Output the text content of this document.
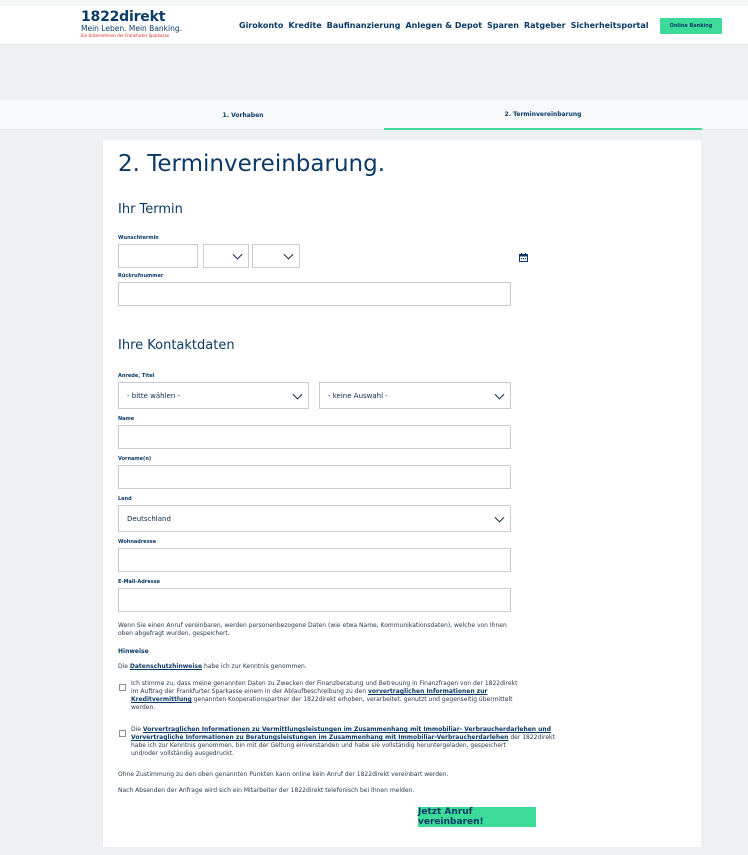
1822direkt
Mein Leben. Mein Banking.
Ein Unternehmen der Frankfurter Sparkasse
Girokonto Kredite Baufinanzierung Anlegen & Depot Sparen Ratgeber Sicherheitsportal	Online Banking
1. Vorhaben	2. Terminvereinbarung
2. Terminvereinbarung.
Ihr Termin
Wunschtermin
Rückrufnummer
Ihre Kontaktdaten
Anrede, Titel
- bitte wählen -	- keine Auswahl -
Name
Vorname(n)
Land
Deutschland
Wohnadresse
E-Mail-Adresse
Wenn Sie einen Anruf vereinbaren, werden personenbezogene Daten (wie etwa Name, Kommunikationsdaten), welche von Ihnen
oben abgefragt wurden, gespeichert.
Hinweise
Die Datenschutzhinweise habe ich zur Kenntnis genommen.
Ich stimme zu, dass meine genannten Daten zu Zwecken der Finanzberatung und Betreuung in Finanzfragen von der 1822direkt
im Auftrag der Frankfurter Sparkasse einem in der Ablaufbeschreibung zu den vorvertraglichen Informationen zur
Kreditvermittlung genannten Kooperationspartner der 1822direkt erhoben, verarbeitet, genutzt und gegenseitig übermittelt
werden.
Die Vorvertraglichen Informationen zu Vermittlungsleistungen im Zusammenhang mit Immobiliar- Verbraucherdarlehen und
Vorvertragliche Informationen zu Beratungsleistungen im Zusammenhang mit Immobiliar-Verbraucherdarlehen der 1822direkt
habe ich zur Kenntnis genommen, bin mit der Geltung einverstanden und habe sie vollständig heruntergeladen, gespeichert
und/oder vollständig ausgedruckt.
Ohne Zustimmung zu den oben genannten Punkten kann online kein Anruf der 1822direkt vereinbart werden.
Nach Absenden der Anfrage wird sich ein Mitarbeiter der 1822direkt telefonisch bei Ihnen melden.
Jetzt Anruf vereinbaren!
